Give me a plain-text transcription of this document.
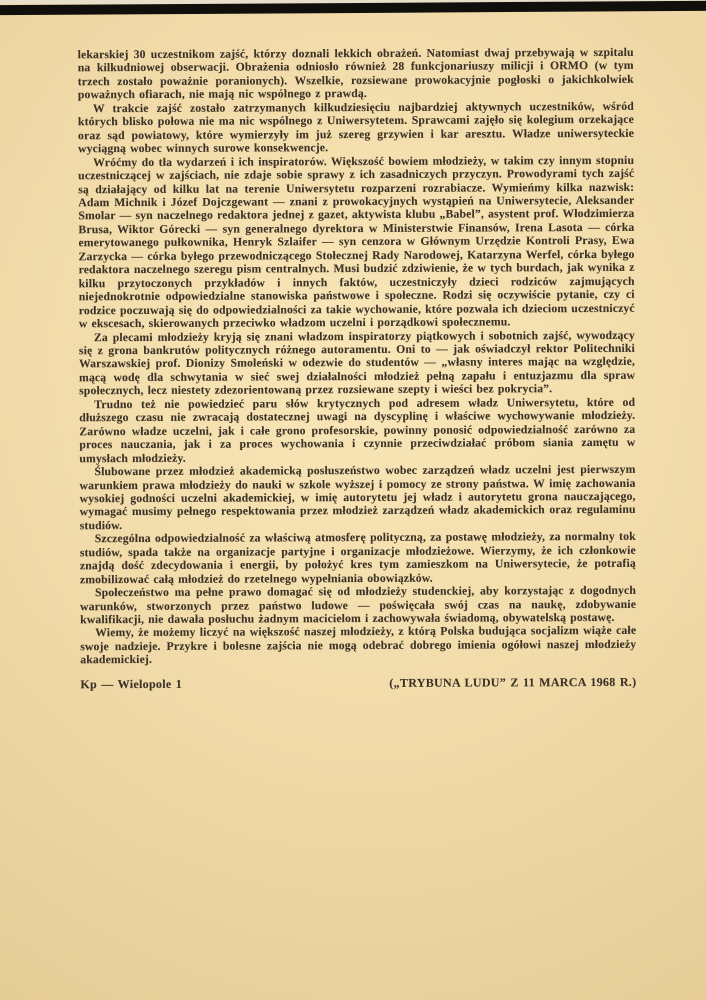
lekarskiej 30 uczestnikom zajść, którzy doznali lekkich obrażeń. Natomiast dwaj przebywają w szpitalu na kilkudniowej obserwacji. Obrażenia odniosło również 28 funkcjonariuszy milicji i ORMO (w tym trzech zostało poważnie poranionych). Wszelkie, rozsiewane prowokacyjnie pogłoski o jakichkolwiek poważnych ofiarach, nie mają nic wspólnego z prawdą.

W trakcie zajść zostało zatrzymanych kilkudziesięciu najbardziej aktywnych uczestników, wśród których blisko połowa nie ma nic wspólnego z Uniwersytetem. Sprawcami zajęło się kolegium orzekające oraz sąd powiatowy, które wymierzyły im już szereg grzywien i kar aresztu. Władze uniwersyteckie wyciągną wobec winnych surowe konsekwencje.

Wróćmy do tła wydarzeń i ich inspiratorów. Większość bowiem młodzieży, w takim czy innym stopniu uczestniczącej w zajściach, nie zdaje sobie sprawy z ich zasadniczych przyczyn. Prowodyrami tych zajść są działający od kilku lat na terenie Uniwersytetu rozparzeni rozrabiacze. Wymieńmy kilka nazwisk: Adam Michnik i Józef Dojczgewant — znani z prowokacyjnych wystąpień na Uniwersytecie, Aleksander Smolar — syn naczelnego redaktora jednej z gazet, aktywista klubu „Babel”, asystent prof. Włodzimierza Brusa, Wiktor Górecki — syn generalnego dyrektora w Ministerstwie Finansów, Irena Lasota — córka emerytowanego pułkownika, Henryk Szlaifer — syn cenzora w Głównym Urzędzie Kontroli Prasy, Ewa Zarzycka — córka byłego przewodniczącego Stołecznej Rady Narodowej, Katarzyna Werfel, córka byłego redaktora naczelnego szeregu pism centralnych. Musi budzić zdziwienie, że w tych burdach, jak wynika z kilku przytoczonych przykładów i innych faktów, uczestniczyły dzieci rodziców zajmujących niejednokrotnie odpowiedzialne stanowiska państwowe i społeczne. Rodzi się oczywiście pytanie, czy ci rodzice poczuwają się do odpowiedzialności za takie wychowanie, które pozwala ich dzieciom uczestniczyć w ekscesach, skierowanych przeciwko władzom uczelni i porządkowi społecznemu.

Za plecami młodzieży kryją się znani władzom inspiratorzy piątkowych i sobotnich zajść, wywodzący się z grona bankrutów politycznych różnego autoramentu. Oni to — jak oświadczył rektor Politechniki Warszawskiej prof. Dionizy Smoleński w odezwie do studentów — „własny interes mając na względzie, mącą wodę dla schwytania w sieć swej działalności młodzież pełną zapału i entuzjazmu dla spraw społecznych, lecz niestety zdezorientowaną przez rozsiewane szepty i wieści bez pokrycia”.

Trudno też nie powiedzieć paru słów krytycznych pod adresem władz Uniwersytetu, które od dłuższego czasu nie zwracają dostatecznej uwagi na dyscyplinę i właściwe wychowywanie młodzieży. Zarówno władze uczelni, jak i całe grono profesorskie, powinny ponosić odpowiedzialność zarówno za proces nauczania, jak i za proces wychowania i czynnie przeciwdziałać próbom siania zamętu w umysłach młodzieży.

Ślubowane przez młodzież akademicką posłuszeństwo wobec zarządzeń władz uczelni jest pierwszym warunkiem prawa młodzieży do nauki w szkole wyższej i pomocy ze strony państwa. W imię zachowania wysokiej godności uczelni akademickiej, w imię autorytetu jej władz i autorytetu grona nauczającego, wymagać musimy pełnego respektowania przez młodzież zarządzeń władz akademickich oraz regulaminu studiów.

Szczególna odpowiedzialność za właściwą atmosferę polityczną, za postawę młodzieży, za normalny tok studiów, spada także na organizacje partyjne i organizacje młodzieżowe. Wierzymy, że ich członkowie znajdą dość zdecydowania i energii, by położyć kres tym zamieszkom na Uniwersytecie, że potrafią zmobilizować całą młodzież do rzetelnego wypełniania obowiązków.

Społeczeństwo ma pełne prawo domagać się od młodzieży studenckiej, aby korzystając z dogodnych warunków, stworzonych przez państwo ludowe — poświęcała swój czas na naukę, zdobywanie kwalifikacji, nie dawała posłuchu żadnym macicielom i zachowywała świadomą, obywatelską postawę.

Wiemy, że możemy liczyć na większość naszej młodzieży, z którą Polska budująca socjalizm wiąże całe swoje nadzieje. Przykre i bolesne zajścia nie mogą odebrać dobrego imienia ogółowi naszej młodzieży akademickiej.

Kp — Wielopole 1	(„TRYBUNA LUDU” Z 11 MARCA 1968 R.)
